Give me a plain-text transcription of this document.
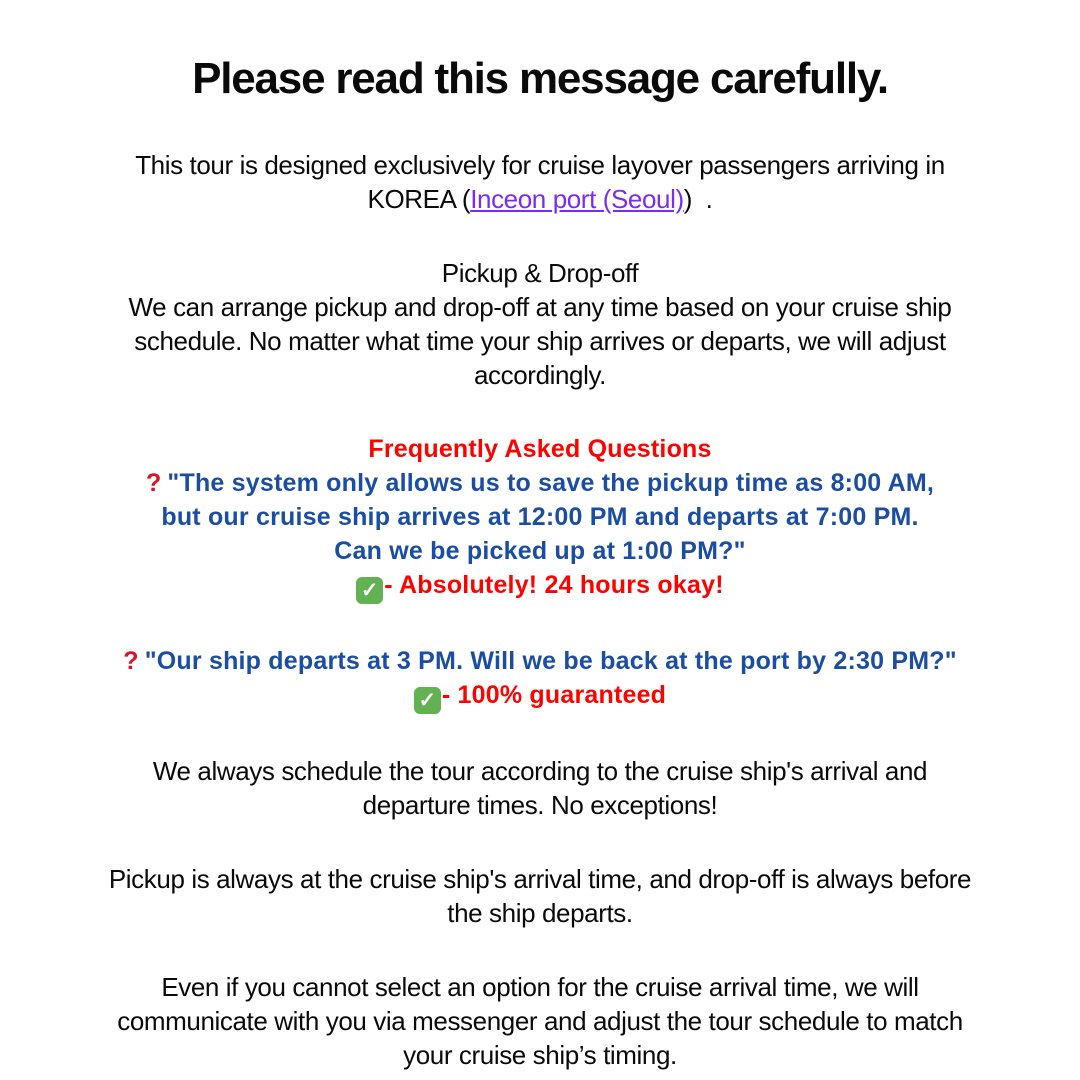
Please read this message carefully.
This tour is designed exclusively for cruise layover passengers arriving in
KOREA (Inceon port (Seoul))  .
Pickup & Drop-off
We can arrange pickup and drop-off at any time based on your cruise ship
schedule. No matter what time your ship arrives or departs, we will adjust
accordingly.
Frequently Asked Questions
? "The system only allows us to save the pickup time as 8:00 AM,
but our cruise ship arrives at 12:00 PM and departs at 7:00 PM.
Can we be picked up at 1:00 PM?"
✓ - Absolutely! 24 hours okay!
? "Our ship departs at 3 PM. Will we be back at the port by 2:30 PM?"
✓ - 100% guaranteed
We always schedule the tour according to the cruise ship's arrival and
departure times. No exceptions!
Pickup is always at the cruise ship's arrival time, and drop-off is always before
the ship departs.
Even if you cannot select an option for the cruise arrival time, we will
communicate with you via messenger and adjust the tour schedule to match
your cruise ship’s timing.
